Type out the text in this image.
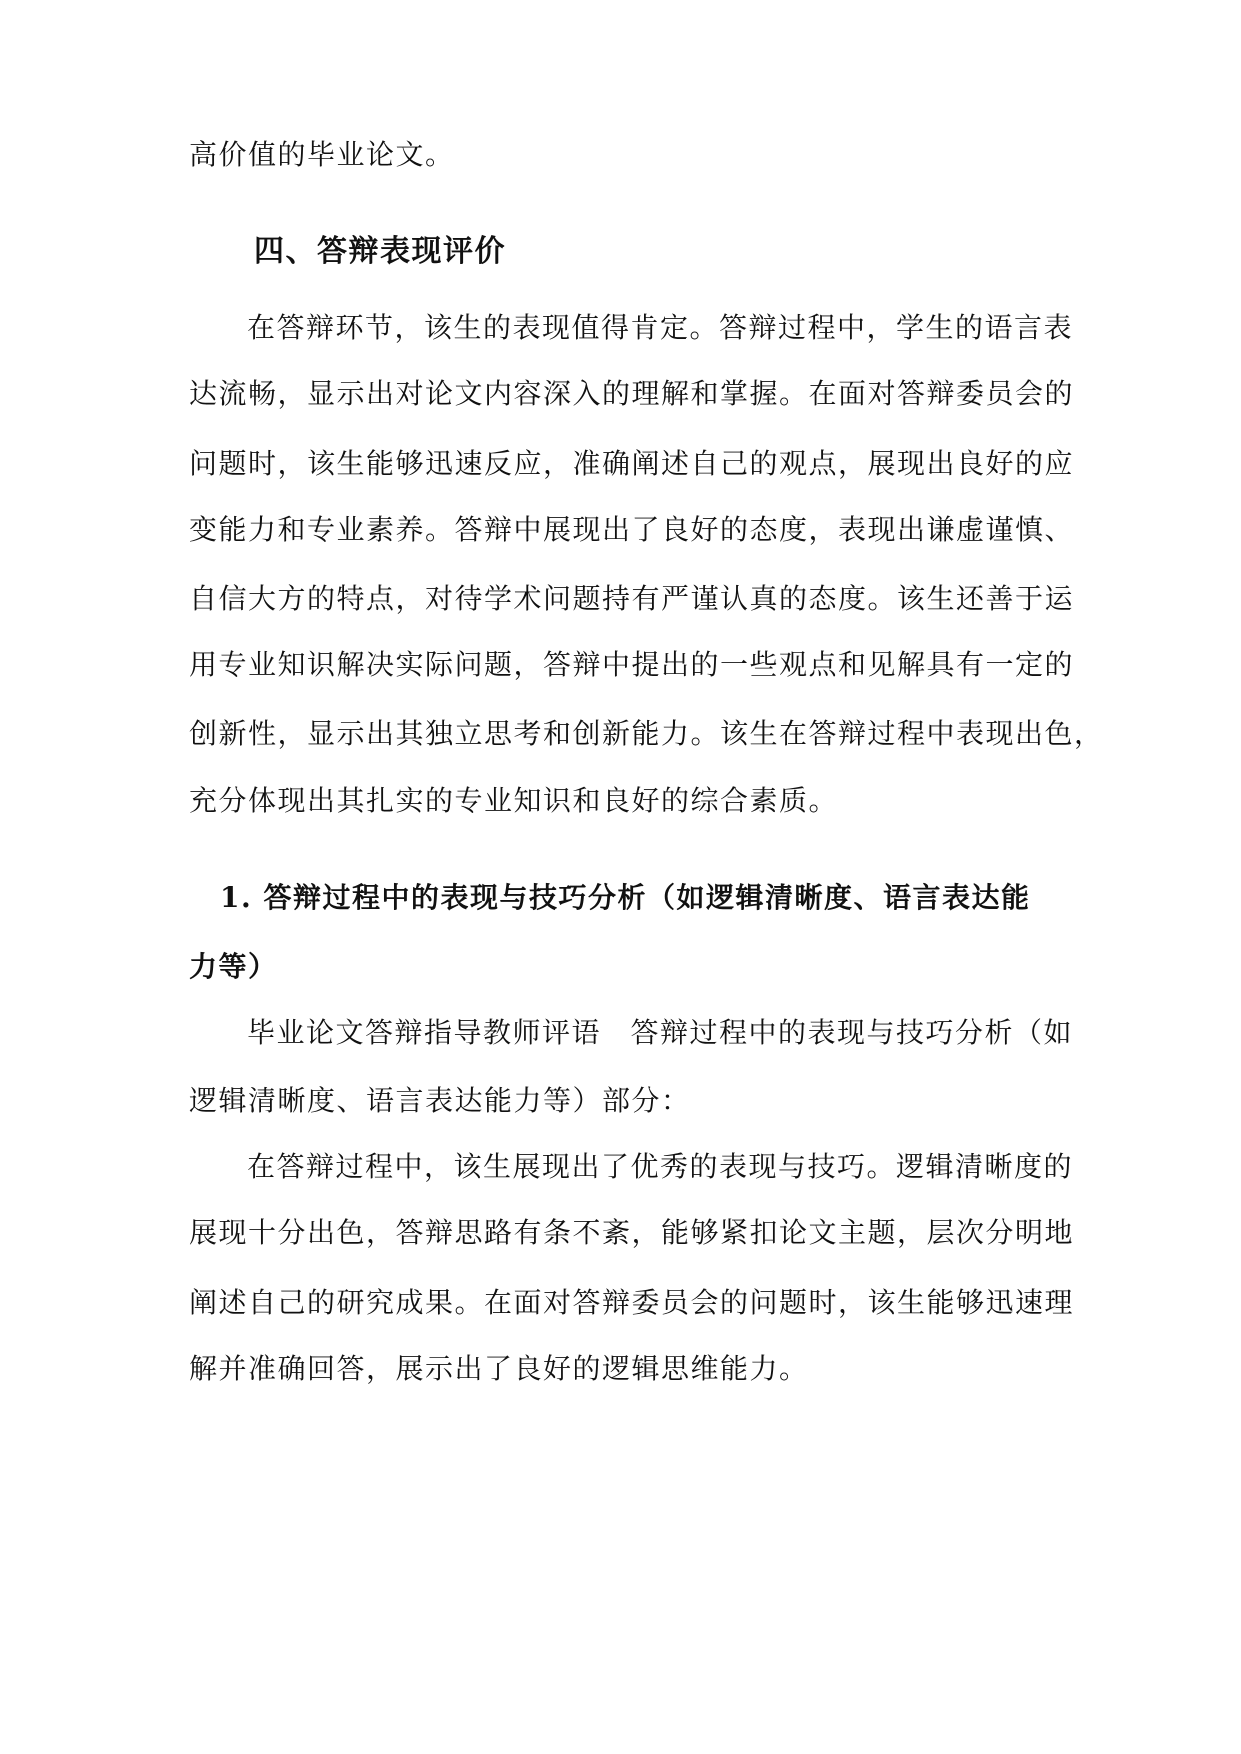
高价值的毕业论文。
四、答辩表现评价
在答辩环节，该生的表现值得肯定。答辩过程中，学生的语言表
达流畅，显示出对论文内容深入的理解和掌握。在面对答辩委员会的
问题时，该生能够迅速反应，准确阐述自己的观点，展现出良好的应
变能力和专业素养。答辩中展现出了良好的态度，表现出谦虚谨慎、
自信大方的特点，对待学术问题持有严谨认真的态度。该生还善于运
用专业知识解决实际问题，答辩中提出的一些观点和见解具有一定的
创新性，显示出其独立思考和创新能力。该生在答辩过程中表现出色，
充分体现出其扎实的专业知识和良好的综合素质。
1. 答辩过程中的表现与技巧分析（如逻辑清晰度、语言表达能
力等）
毕业论文答辩指导教师评语　答辩过程中的表现与技巧分析（如
逻辑清晰度、语言表达能力等）部分：
在答辩过程中，该生展现出了优秀的表现与技巧。逻辑清晰度的
展现十分出色，答辩思路有条不紊，能够紧扣论文主题，层次分明地
阐述自己的研究成果。在面对答辩委员会的问题时，该生能够迅速理
解并准确回答，展示出了良好的逻辑思维能力。
